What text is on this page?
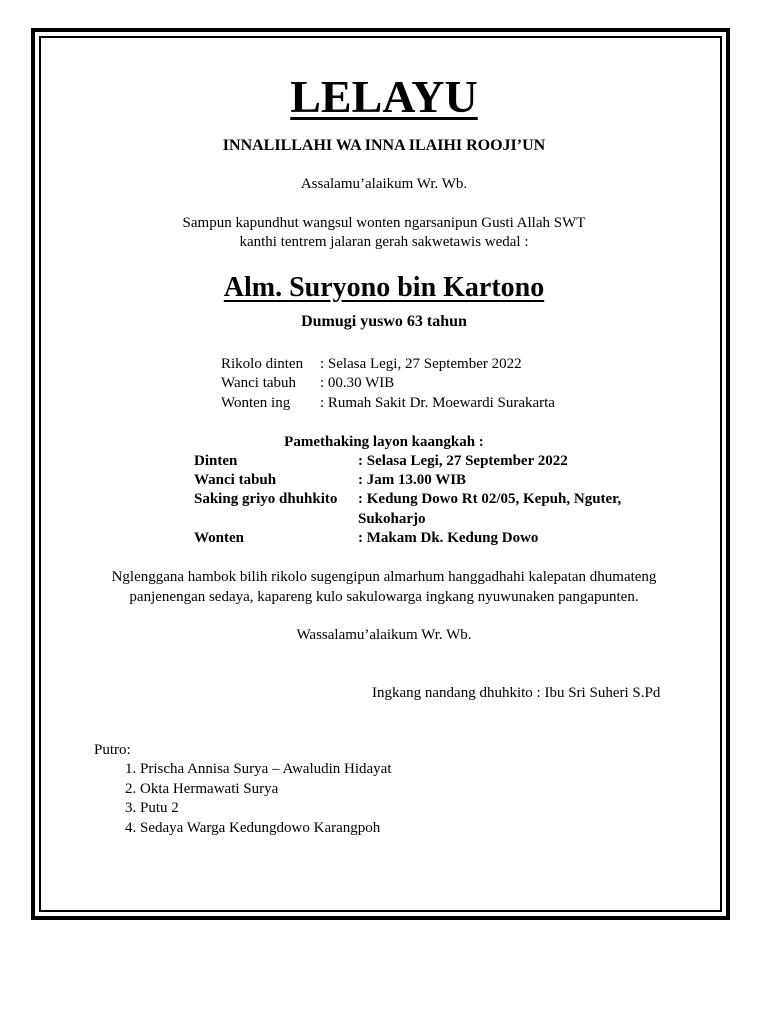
LELAYU
INNALILLAHI WA INNA ILAIHI ROOJI’UN
Assalamu’alaikum Wr. Wb.
Sampun kapundhut wangsul wonten ngarsanipun Gusti Allah SWT
kanthi tentrem jalaran gerah sakwetawis wedal :
Alm. Suryono bin Kartono
Dumugi yuswo 63 tahun
Rikolo dinten : Selasa Legi, 27 September 2022
Wanci tabuh : 00.30 WIB
Wonten ing : Rumah Sakit Dr. Moewardi Surakarta
Pamethaking layon kaangkah :
Dinten	: Selasa Legi, 27 September 2022
Wanci tabuh	: Jam 13.00 WIB
Saking griyo dhuhkito : Kedung Dowo Rt 02/05, Kepuh, Nguter,
Sukoharjo
Wonten	: Makam Dk. Kedung Dowo
Nglenggana hambok bilih rikolo sugengipun almarhum hanggadhahi kalepatan dhumateng
panjenengan sedaya, kapareng kulo sakulowarga ingkang nyuwunaken pangapunten.
Wassalamu’alaikum Wr. Wb.
Ingkang nandang dhuhkito : Ibu Sri Suheri S.Pd
Putro:
1. Prischa Annisa Surya – Awaludin Hidayat
2. Okta Hermawati Surya
3. Putu 2
4. Sedaya Warga Kedungdowo Karangpoh
